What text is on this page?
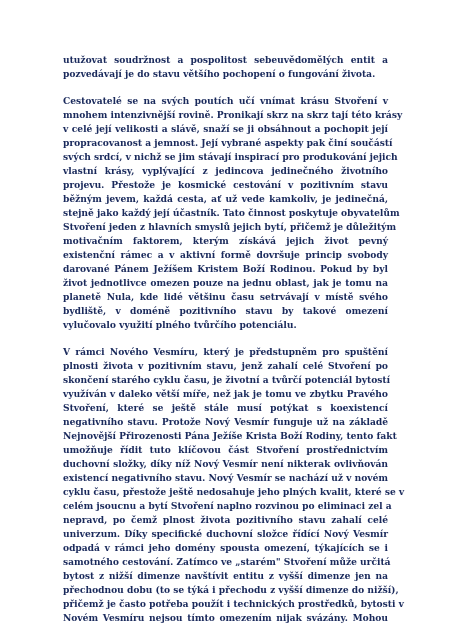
utužovat soudržnost a pospolitost sebeuvědomělých entit a
pozvedávají je do stavu většího pochopení o fungování života.
Cestovatelé se na svých poutích učí vnímat krásu Stvoření v
mnohem intenzivnější rovině. Pronikají skrz na skrz tají této krásy
v celé její velikosti a slávě, snaží se ji obsáhnout a pochopit její
propracovanost a jemnost. Její vybrané aspekty pak činí součástí
svých srdcí, v nichž se jim stávají inspirací pro produkování jejich
vlastní krásy, vyplývající z jedincova jedinečného životního
projevu. Přestože je kosmické cestování v pozitivním stavu
běžným jevem, každá cesta, ať už vede kamkoliv, je jedinečná,
stejně jako každý její účastník. Tato činnost poskytuje obyvatelům
Stvoření jeden z hlavních smyslů jejich bytí, přičemž je důležitým
motivačním faktorem, kterým získává jejich život pevný
existenční rámec a v aktivní formě dovršuje princip svobody
darované Pánem Ježíšem Kristem Boží Rodinou. Pokud by byl
život jednotlivce omezen pouze na jednu oblast, jak je tomu na
planetě Nula, kde lidé většinu času setrvávají v místě svého
bydliště, v doméně pozitivního stavu by takové omezení
vylučovalo využití plného tvůrčího potenciálu.
V rámci Nového Vesmíru, který je předstupněm pro spuštění
plnosti života v pozitivním stavu, jenž zahalí celé Stvoření po
skončení starého cyklu času, je životní a tvůrčí potenciál bytostí
využíván v daleko větší míře, než jak je tomu ve zbytku Pravého
Stvoření, které se ještě stále musí potýkat s koexistencí
negativního stavu. Protože Nový Vesmír funguje už na základě
Nejnovější Přirozenosti Pána Ježíše Krista Boží Rodiny, tento fakt
umožňuje řídit tuto klíčovou část Stvoření prostřednictvím
duchovní složky, díky níž Nový Vesmír není nikterak ovlivňován
existencí negativního stavu. Nový Vesmír se nachází už v novém
cyklu času, přestože ještě nedosahuje jeho plných kvalit, které se v
celém jsoucnu a bytí Stvoření naplno rozvinou po eliminaci zel a
nepravd, po čemž plnost života pozitivního stavu zahalí celé
univerzum. Díky specifické duchovní složce řídící Nový Vesmír
odpadá v rámci jeho doménу spousta omezení, týkajících se i
samotného cestování. Zatímco ve „starém" Stvoření může určitá
bytost z nižší dimenze navštívit entitu z vyšší dimenze jen na
přechodnou dobu (to se týká i přechodu z vyšší dimenze do nižší),
přičemž je často potřeba použít i technických prostředků, bytosti v
Novém Vesmíru nejsou tímto omezením nijak svázány. Mohou
